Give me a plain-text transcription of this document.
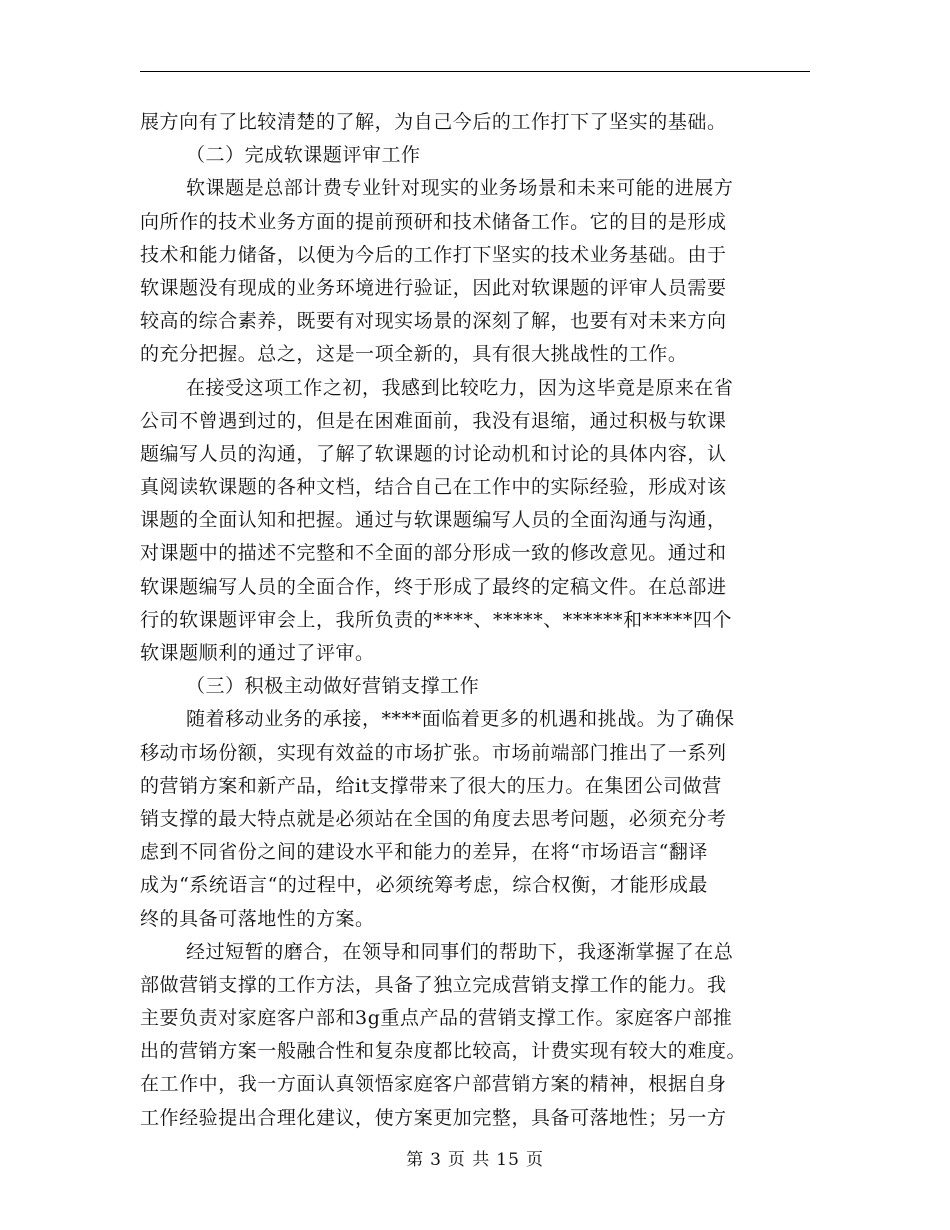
展方向有了比较清楚的了解，为自己今后的工作打下了坚实的基础。
（二）完成软课题评审工作
软课题是总部计费专业针对现实的业务场景和未来可能的进展方
向所作的技术业务方面的提前预研和技术储备工作。它的目的是形成
技术和能力储备，以便为今后的工作打下坚实的技术业务基础。由于
软课题没有现成的业务环境进行验证，因此对软课题的评审人员需要
较高的综合素养，既要有对现实场景的深刻了解，也要有对未来方向
的充分把握。总之，这是一项全新的，具有很大挑战性的工作。
在接受这项工作之初，我感到比较吃力，因为这毕竟是原来在省
公司不曾遇到过的，但是在困难面前，我没有退缩，通过积极与软课
题编写人员的沟通，了解了软课题的讨论动机和讨论的具体内容，认
真阅读软课题的各种文档，结合自己在工作中的实际经验，形成对该
课题的全面认知和把握。通过与软课题编写人员的全面沟通与沟通，
对课题中的描述不完整和不全面的部分形成一致的修改意见。通过和
软课题编写人员的全面合作，终于形成了最终的定稿文件。在总部进
行的软课题评审会上，我所负责的****、*****、******和*****四个
软课题顺利的通过了评审。
（三）积极主动做好营销支撑工作
随着移动业务的承接，****面临着更多的机遇和挑战。为了确保
移动市场份额，实现有效益的市场扩张。市场前端部门推出了一系列
的营销方案和新产品，给it支撑带来了很大的压力。在集团公司做营
销支撑的最大特点就是必须站在全国的角度去思考问题，必须充分考
虑到不同省份之间的建设水平和能力的差异，在将“市场语言“翻译
成为“系统语言“的过程中，必须统筹考虑，综合权衡，才能形成最
终的具备可落地性的方案。
经过短暂的磨合，在领导和同事们的帮助下，我逐渐掌握了在总
部做营销支撑的工作方法，具备了独立完成营销支撑工作的能力。我
主要负责对家庭客户部和3g重点产品的营销支撑工作。家庭客户部推
出的营销方案一般融合性和复杂度都比较高，计费实现有较大的难度。
在工作中，我一方面认真领悟家庭客户部营销方案的精神，根据自身
工作经验提出合理化建议，使方案更加完整，具备可落地性；另一方
第 3 页 共 15 页
